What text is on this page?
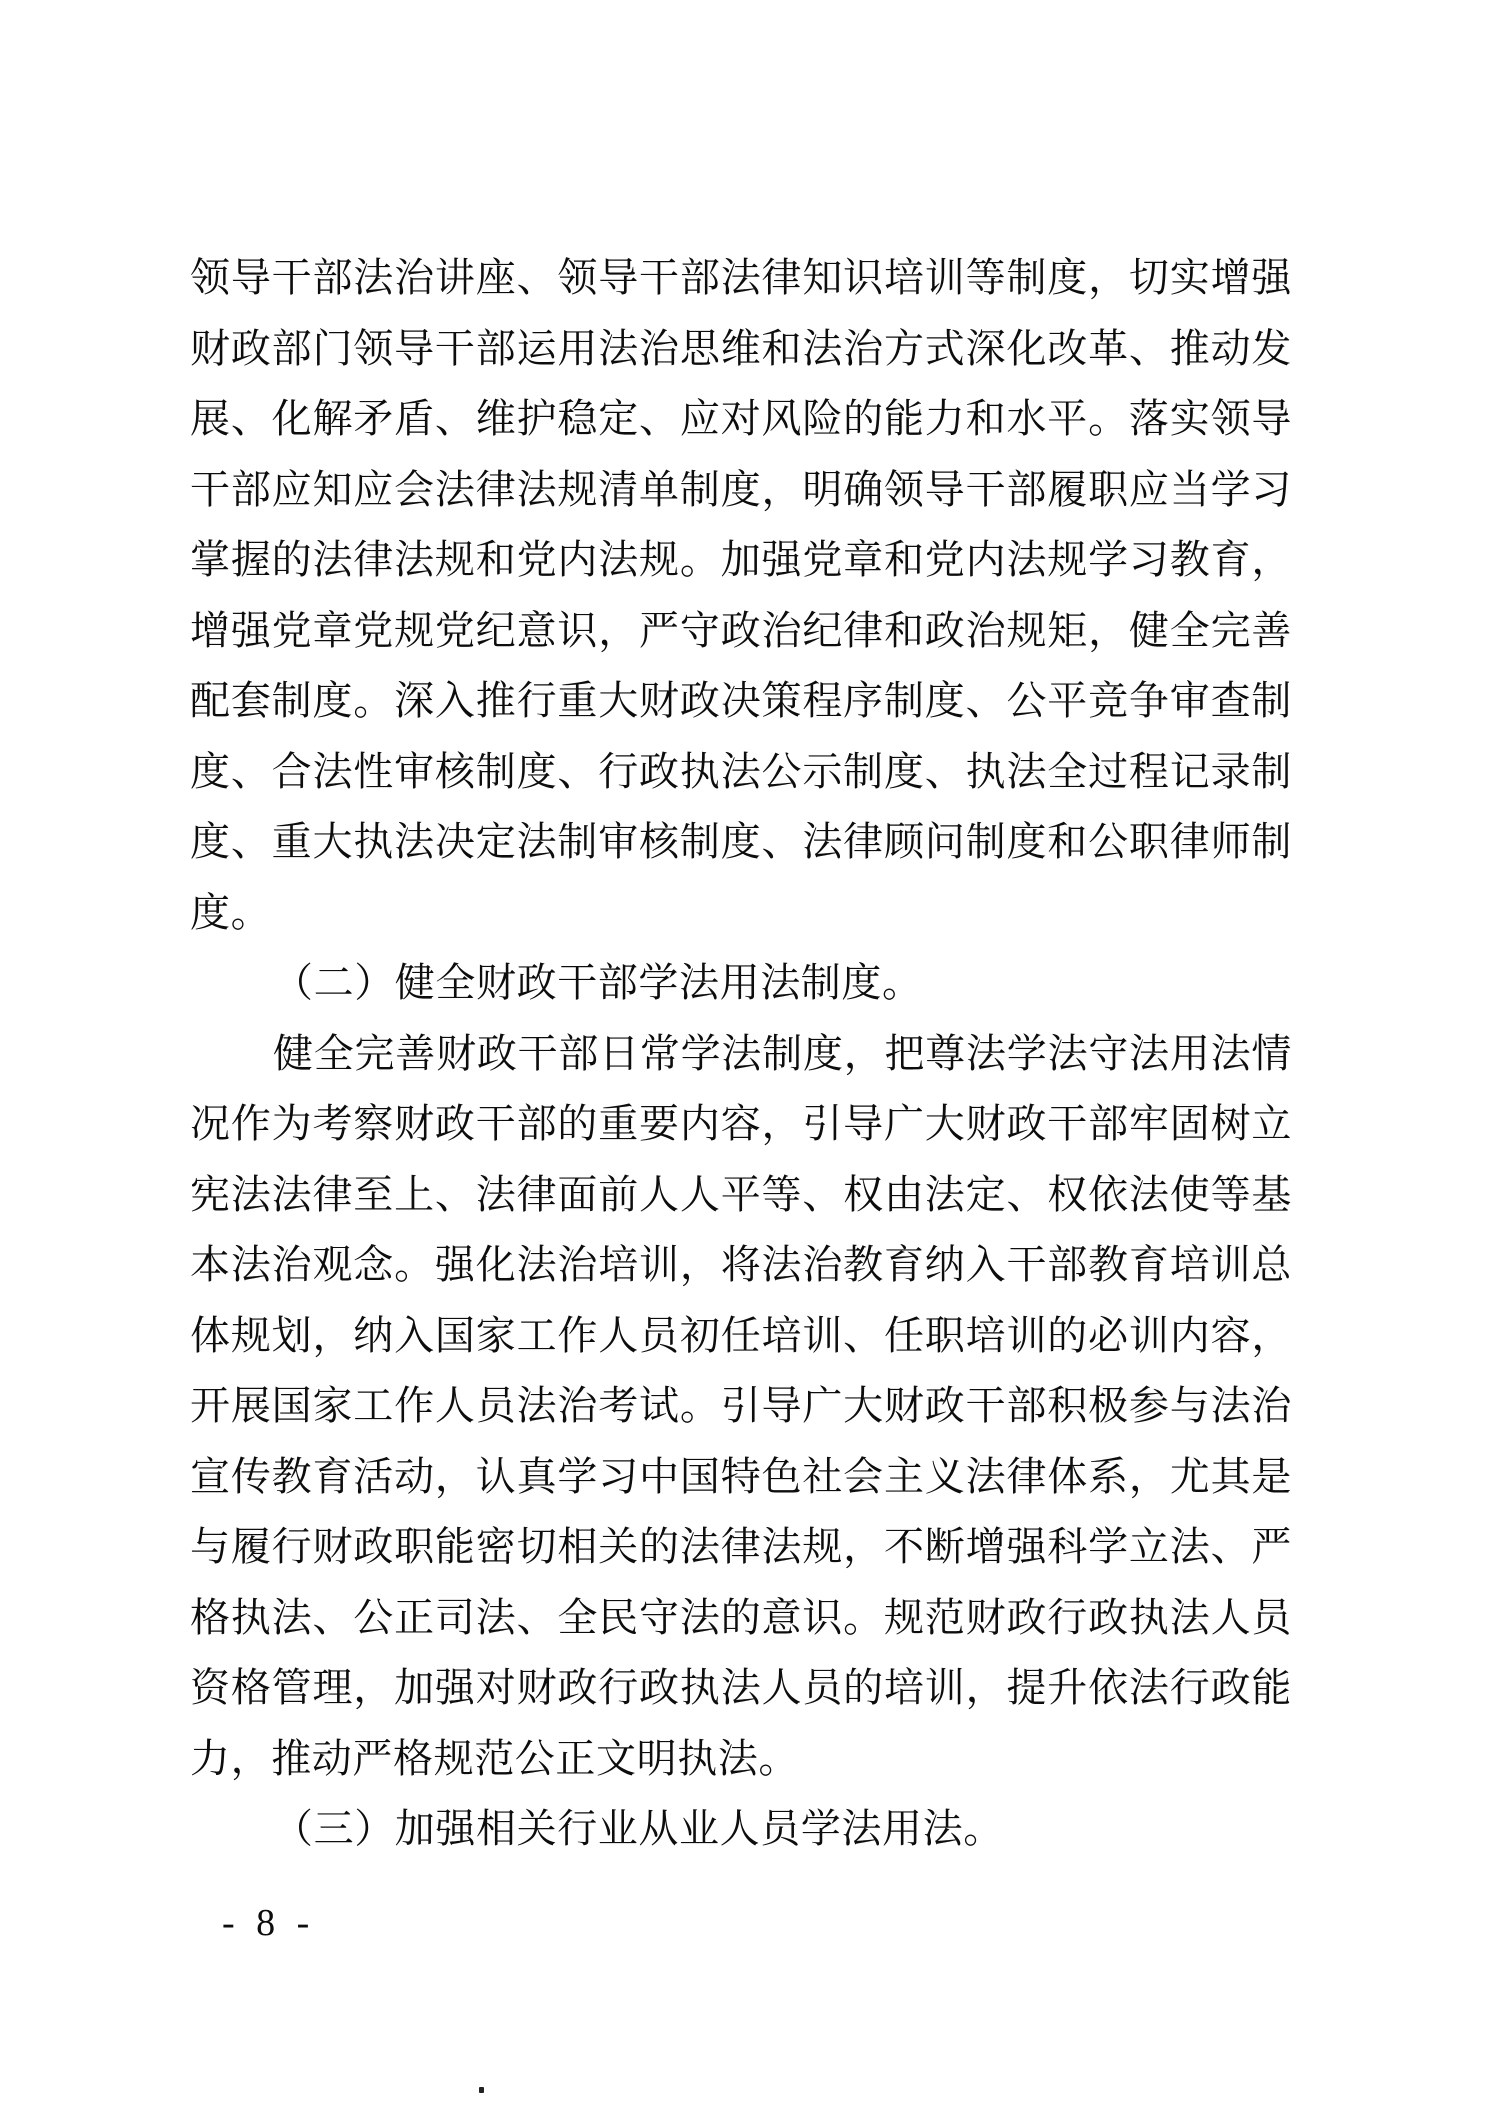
领导干部法治讲座、领导干部法律知识培训等制度，切实增强
财政部门领导干部运用法治思维和法治方式深化改革、推动发
展、化解矛盾、维护稳定、应对风险的能力和水平。落实领导
干部应知应会法律法规清单制度，明确领导干部履职应当学习
掌握的法律法规和党内法规。加强党章和党内法规学习教育，
增强党章党规党纪意识，严守政治纪律和政治规矩，健全完善
配套制度。深入推行重大财政决策程序制度、公平竞争审查制
度、合法性审核制度、行政执法公示制度、执法全过程记录制
度、重大执法决定法制审核制度、法律顾问制度和公职律师制
度。
（二）健全财政干部学法用法制度。
健全完善财政干部日常学法制度，把尊法学法守法用法情
况作为考察财政干部的重要内容，引导广大财政干部牢固树立
宪法法律至上、法律面前人人平等、权由法定、权依法使等基
本法治观念。强化法治培训，将法治教育纳入干部教育培训总
体规划，纳入国家工作人员初任培训、任职培训的必训内容，
开展国家工作人员法治考试。引导广大财政干部积极参与法治
宣传教育活动，认真学习中国特色社会主义法律体系，尤其是
与履行财政职能密切相关的法律法规，不断增强科学立法、严
格执法、公正司法、全民守法的意识。规范财政行政执法人员
资格管理，加强对财政行政执法人员的培训，提升依法行政能
力，推动严格规范公正文明执法。
（三）加强相关行业从业人员学法用法。
- 8 -
